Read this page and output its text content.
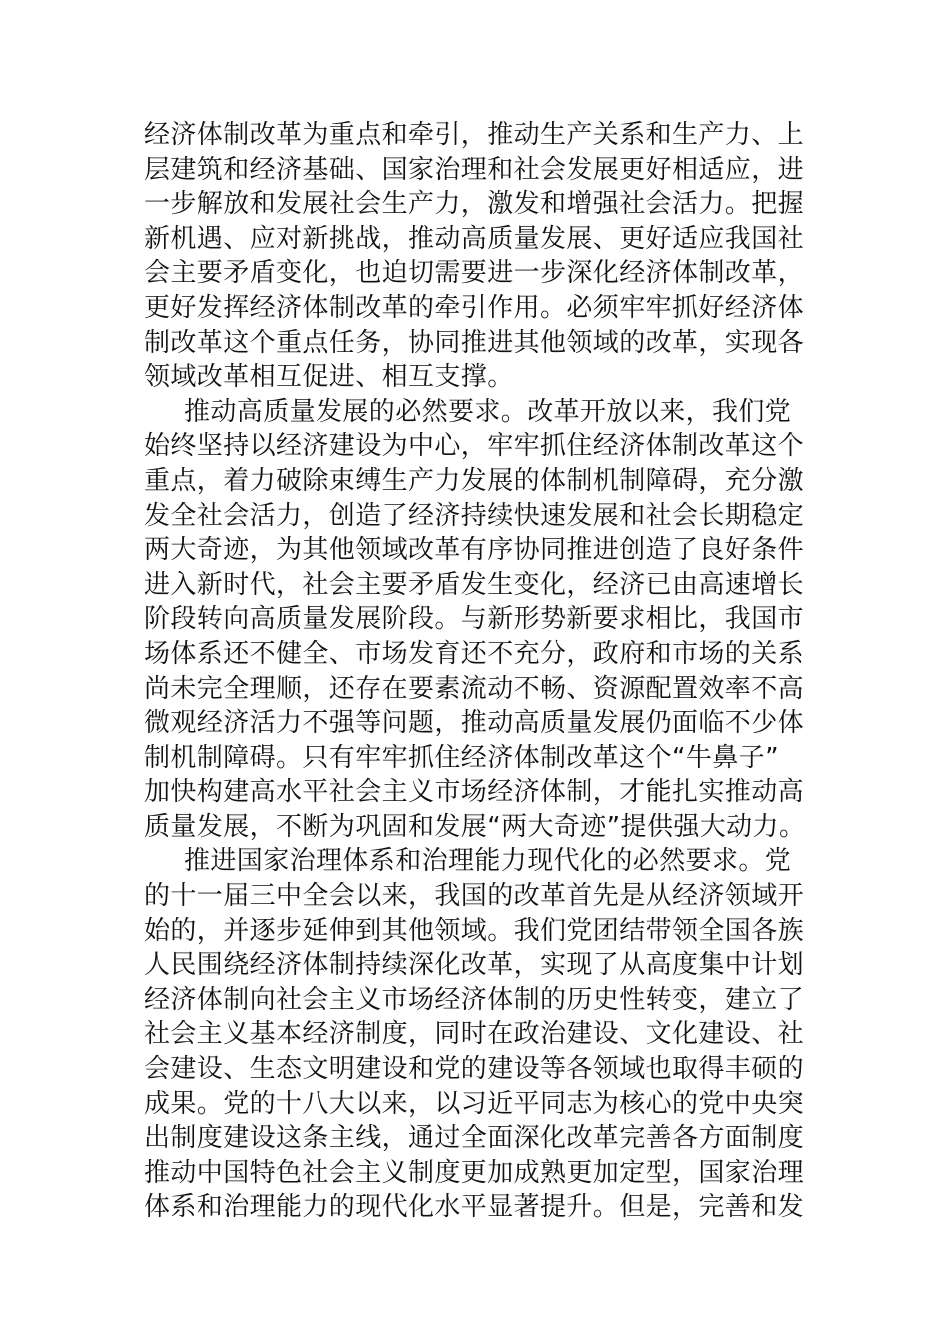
经济体制改革为重点和牵引，推动生产关系和生产力、上
层建筑和经济基础、国家治理和社会发展更好相适应，进
一步解放和发展社会生产力，激发和增强社会活力。把握
新机遇、应对新挑战，推动高质量发展、更好适应我国社
会主要矛盾变化，也迫切需要进一步深化经济体制改革，
更好发挥经济体制改革的牵引作用。必须牢牢抓好经济体
制改革这个重点任务，协同推进其他领域的改革，实现各
领域改革相互促进、相互支撑。
推动高质量发展的必然要求。改革开放以来，我们党
始终坚持以经济建设为中心，牢牢抓住经济体制改革这个
重点，着力破除束缚生产力发展的体制机制障碍，充分激
发全社会活力，创造了经济持续快速发展和社会长期稳定
两大奇迹，为其他领域改革有序协同推进创造了良好条件
进入新时代，社会主要矛盾发生变化，经济已由高速增长
阶段转向高质量发展阶段。与新形势新要求相比，我国市
场体系还不健全、市场发育还不充分，政府和市场的关系
尚未完全理顺，还存在要素流动不畅、资源配置效率不高
微观经济活力不强等问题，推动高质量发展仍面临不少体
制机制障碍。只有牢牢抓住经济体制改革这个“牛鼻子”
加快构建高水平社会主义市场经济体制，才能扎实推动高
质量发展，不断为巩固和发展“两大奇迹”提供强大动力。
推进国家治理体系和治理能力现代化的必然要求。党
的十一届三中全会以来，我国的改革首先是从经济领域开
始的，并逐步延伸到其他领域。我们党团结带领全国各族
人民围绕经济体制持续深化改革，实现了从高度集中计划
经济体制向社会主义市场经济体制的历史性转变，建立了
社会主义基本经济制度，同时在政治建设、文化建设、社
会建设、生态文明建设和党的建设等各领域也取得丰硕的
成果。党的十八大以来，以习近平同志为核心的党中央突
出制度建设这条主线，通过全面深化改革完善各方面制度
推动中国特色社会主义制度更加成熟更加定型，国家治理
体系和治理能力的现代化水平显著提升。但是，完善和发
